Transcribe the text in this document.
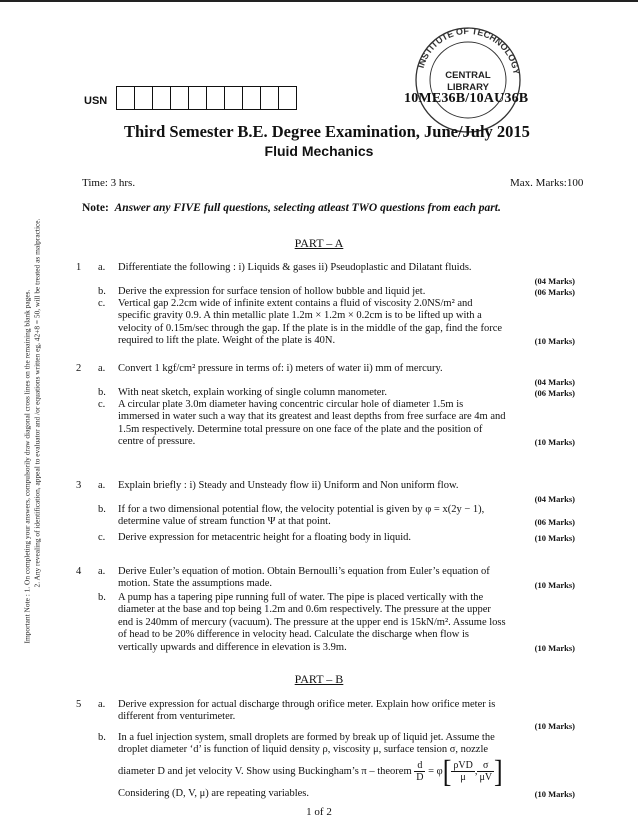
INSTITUTE OF TECHNOLOGY
CENTRAL
LIBRARY
USN	10ME36B/10AU36B
Third Semester B.E. Degree Examination, June/July 2015
Fluid Mechanics
Time: 3 hrs.	Max. Marks:100
Note: Answer any FIVE full questions, selecting atleast TWO questions from each part.
Important Note : 1. On completing your answers, compulsorily draw diagonal cross lines on the remaining blank pages. 2. Any revealing of identification, appeal to evaluator and /or equations written eg, 42+8 = 50, will be treated as malpractice.	PART – A
1 a. Differentiate the following : i) Liquids & gases ii) Pseudoplastic and Dilatant fluids.
(04 Marks)
b. Derive the expression for surface tension of hollow bubble and liquid jet.	(06 Marks)
c. Vertical gap 2.2cm wide of infinite extent contains a fluid of viscosity 2.0NS/m² and
specific gravity 0.9. A thin metallic plate 1.2m × 1.2m × 0.2cm is to be lifted up with a
velocity of 0.15m/sec through the gap. If the plate is in the middle of the gap, find the force
required to lift the plate. Weight of the plate is 40N.	(10 Marks)
2 a. Convert 1 kgf/cm² pressure in terms of: i) meters of water ii) mm of mercury.
(04 Marks)
b. With neat sketch, explain working of single column manometer.	(06 Marks)
c. A circular plate 3.0m diameter having concentric circular hole of diameter 1.5m is
immersed in water such a way that its greatest and least depths from free surface are 4m and
1.5m respectively. Determine total pressure on one face of the plate and the position of
centre of pressure.	(10 Marks)
3 a. Explain briefly : i) Steady and Unsteady flow ii) Uniform and Non uniform flow.
(04 Marks)
b. If for a two dimensional potential flow, the velocity potential is given by φ = x(2y − 1),
determine value of stream function Ψ at that point.	(06 Marks)
c. Derive expression for metacentric height for a floating body in liquid.	(10 Marks)
4 a. Derive Euler’s equation of motion. Obtain Bernoulli’s equation from Euler’s equation of
motion. State the assumptions made.	(10 Marks)
b. A pump has a tapering pipe running full of water. The pipe is placed vertically with the
diameter at the base and top being 1.2m and 0.6m respectively. The pressure at the upper
end is 240mm of mercury (vacuum). The pressure at the upper end is 15kN/m². Assume loss
of head to be 20% difference in velocity head. Calculate the discharge when flow is
vertically upwards and difference in elevation is 3.9m.	(10 Marks)
PART – B
5 a. Derive expression for actual discharge through orifice meter. Explain how orifice meter is
different from venturimeter.
(10 Marks)
b. In a fuel injection system, small droplets are formed by break up of liquid jet. Assume the
droplet diameter ‘d’ is function of liquid density ρ, viscosity μ, surface tension σ, nozzle
diameter D and jet velocity V. Show using Buckingham’s π – theorem $\frac{d}{D} = \varphi[ \frac{\text{ρVD}}{\mu}$ , $\frac{\sigma}{\mu V}$ ]
Considering (D, V, μ) are repeating variables.	(10 Marks)
1 of 2
